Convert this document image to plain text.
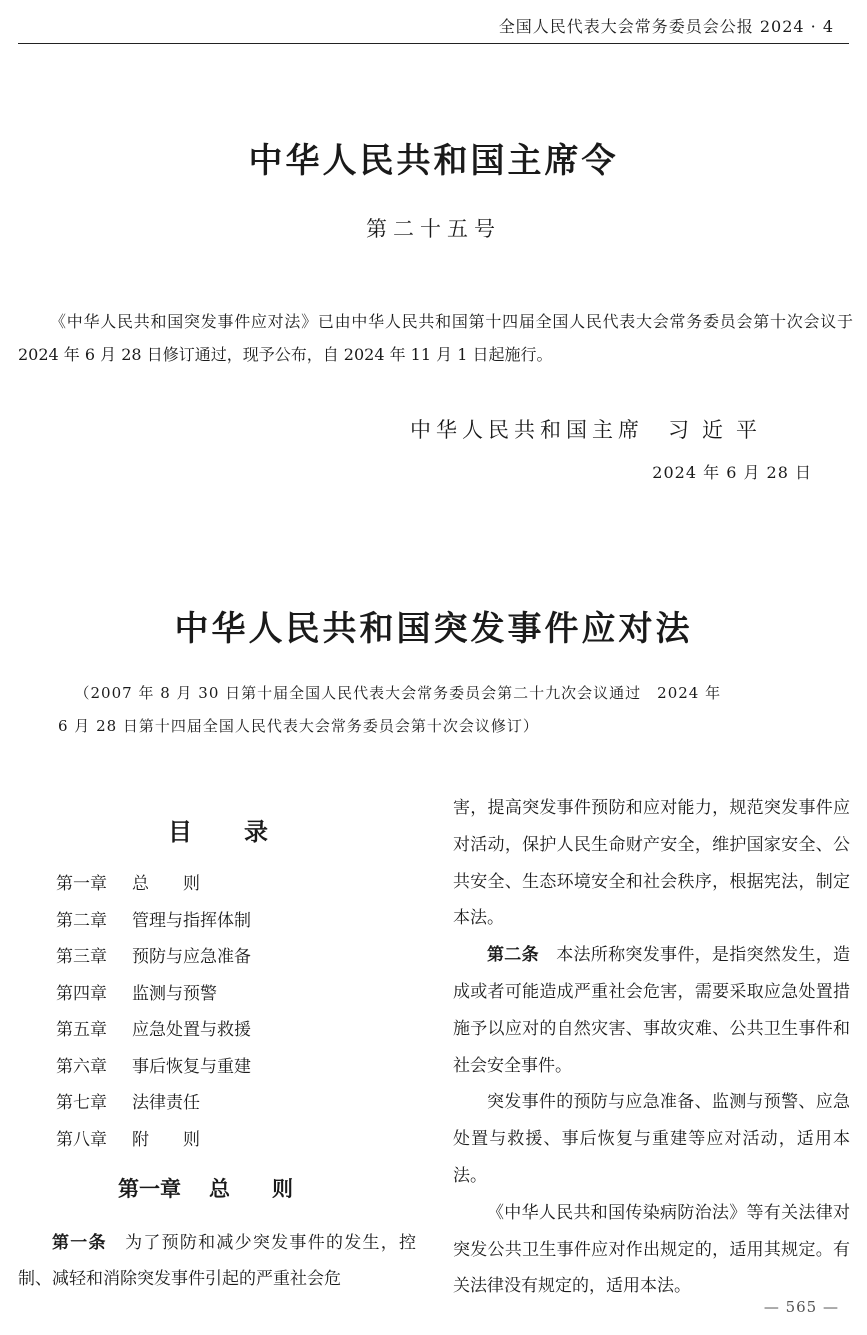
全国人民代表大会常务委员会公报 2024 · 4
中华人民共和国主席令
第二十五号
《中华人民共和国突发事件应对法》已由中华人民共和国第十四届全国人民代表大会常务委员会第十次会议于 2024 年 6 月 28 日修订通过，现予公布，自 2024 年 11 月 1 日起施行。
中华人民共和国主席 习近平
2024 年 6 月 28 日
中华人民共和国突发事件应对法
（2007 年 8 月 30 日第十届全国人民代表大会常务委员会第二十九次会议通过　2024 年
6 月 28 日第十四届全国人民代表大会常务委员会第十次会议修订）
目 录
第一章 总　　则
第二章 管理与指挥体制
第三章 预防与应急准备
第四章 监测与预警
第五章 应急处置与救援
第六章 事后恢复与重建
第七章 法律责任
第八章 附　　则
第一章 总则
第一条　 为了预防和减少突发事件的发生，控制、减轻和消除突发事件引起的严重社会危

害，提高突发事件预防和应对能力，规范突发事件应对活动，保护人民生命财产安全，维护国家安全、公共安全、生态环境安全和社会秩序，根据宪法，制定本法。

第二条　 本法所称突发事件，是指突然发生，造成或者可能造成严重社会危害，需要采取应急处置措施予以应对的自然灾害、事故灾难、公共卫生事件和社会安全事件。

突发事件的预防与应急准备、监测与预警、应急处置与救援、事后恢复与重建等应对活动，适用本法。

《中华人民共和国传染病防治法》等有关法律对突发公共卫生事件应对作出规定的，适用其规定。有关法律没有规定的，适用本法。

— 565 —
